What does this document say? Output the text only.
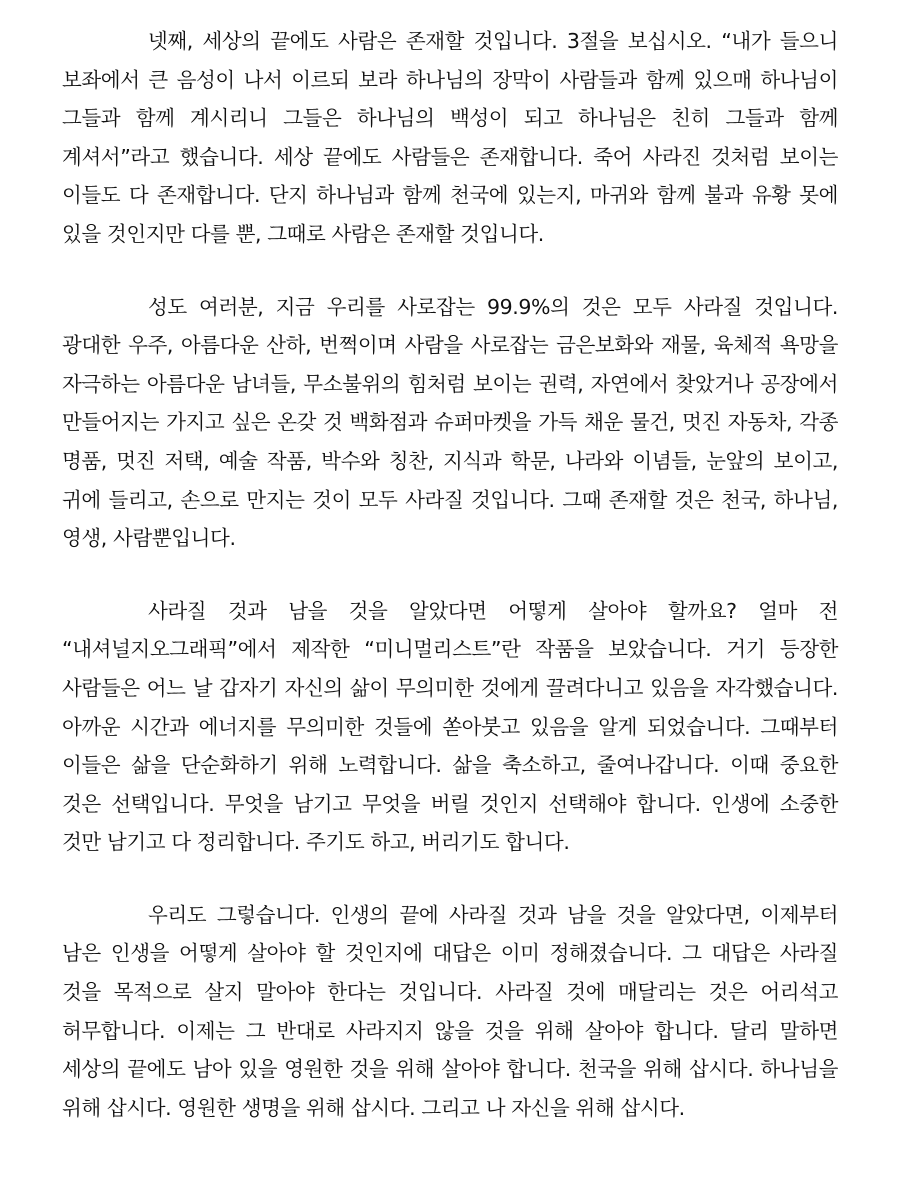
넷째, 세상의 끝에도 사람은 존재할 것입니다. 3절을 보십시오. “내가 들으니 보좌에서 큰 음성이 나서 이르되 보라 하나님의 장막이 사람들과 함께 있으매 하나님이 그들과 함께 계시리니 그들은 하나님의 백성이 되고 하나님은 친히 그들과 함께 계셔서”라고 했습니다. 세상 끝에도 사람들은 존재합니다. 죽어 사라진 것처럼 보이는 이들도 다 존재합니다. 단지 하나님과 함께 천국에 있는지, 마귀와 함께 불과 유황 못에 있을 것인지만 다를 뿐, 그때로 사람은 존재할 것입니다.

성도 여러분, 지금 우리를 사로잡는 99.9%의 것은 모두 사라질 것입니다. 광대한 우주, 아름다운 산하, 번쩍이며 사람을 사로잡는 금은보화와 재물, 육체적 욕망을 자극하는 아름다운 남녀들, 무소불위의 힘처럼 보이는 권력, 자연에서 찾았거나 공장에서 만들어지는 가지고 싶은 온갖 것 백화점과 슈퍼마켓을 가득 채운 물건, 멋진 자동차, 각종 명품, 멋진 저택, 예술 작품, 박수와 칭찬, 지식과 학문, 나라와 이념들, 눈앞의 보이고, 귀에 들리고, 손으로 만지는 것이 모두 사라질 것입니다. 그때 존재할 것은 천국, 하나님, 영생, 사람뿐입니다.

사라질 것과 남을 것을 알았다면 어떻게 살아야 할까요? 얼마 전 “내셔널지오그래픽”에서 제작한 “미니멀리스트”란 작품을 보았습니다. 거기 등장한 사람들은 어느 날 갑자기 자신의 삶이 무의미한 것에게 끌려다니고 있음을 자각했습니다. 아까운 시간과 에너지를 무의미한 것들에 쏟아붓고 있음을 알게 되었습니다. 그때부터 이들은 삶을 단순화하기 위해 노력합니다. 삶을 축소하고, 줄여나갑니다. 이때 중요한 것은 선택입니다. 무엇을 남기고 무엇을 버릴 것인지 선택해야 합니다. 인생에 소중한 것만 남기고 다 정리합니다. 주기도 하고, 버리기도 합니다.

우리도 그렇습니다. 인생의 끝에 사라질 것과 남을 것을 알았다면, 이제부터 남은 인생을 어떻게 살아야 할 것인지에 대답은 이미 정해졌습니다. 그 대답은 사라질 것을 목적으로 살지 말아야 한다는 것입니다. 사라질 것에 매달리는 것은 어리석고 허무합니다. 이제는 그 반대로 사라지지 않을 것을 위해 살아야 합니다. 달리 말하면 세상의 끝에도 남아 있을 영원한 것을 위해 살아야 합니다. 천국을 위해 삽시다. 하나님을 위해 삽시다. 영원한 생명을 위해 삽시다. 그리고 나 자신을 위해 삽시다.
